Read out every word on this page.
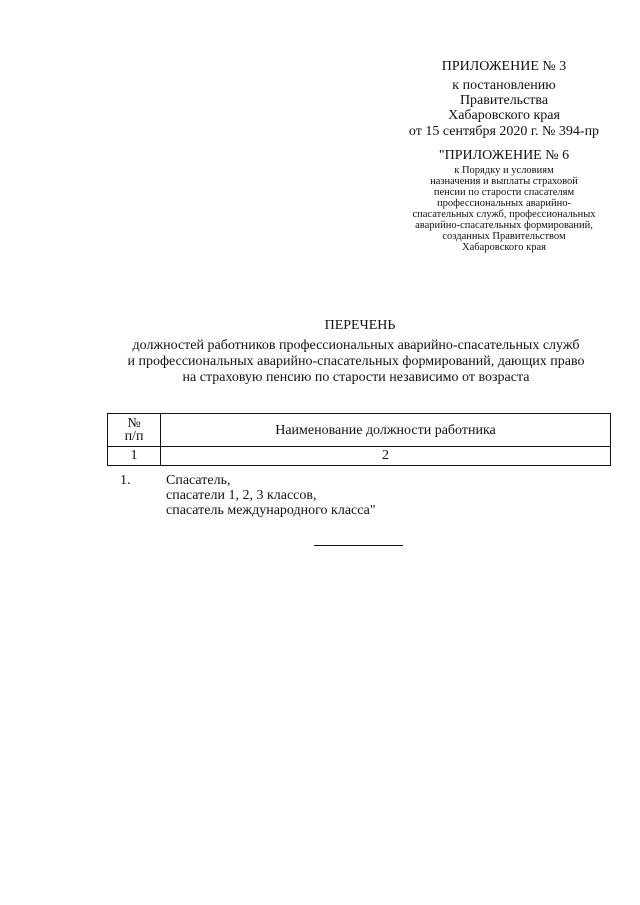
ПРИЛОЖЕНИЕ № 3
к постановлению
Правительства
Хабаровского края
от 15 сентября 2020 г. № 394-пр
"ПРИЛОЖЕНИЕ № 6
к Порядку и условиям
назначения и выплаты страховой
пенсии по старости спасателям
профессиональных аварийно-
спасательных служб, профессиональных
аварийно-спасательных формирований,
созданных Правительством
Хабаровского края
ПЕРЕЧЕНЬ
должностей работников профессиональных аварийно-спасательных служб
и профессиональных аварийно-спасательных формирований, дающих право
на страховую пенсию по старости независимо от возраста
№
п/п	Наименование должности работника
1	2
1.	Спасатель,
спасатели 1, 2, 3 классов,
спасатель международного класса"
